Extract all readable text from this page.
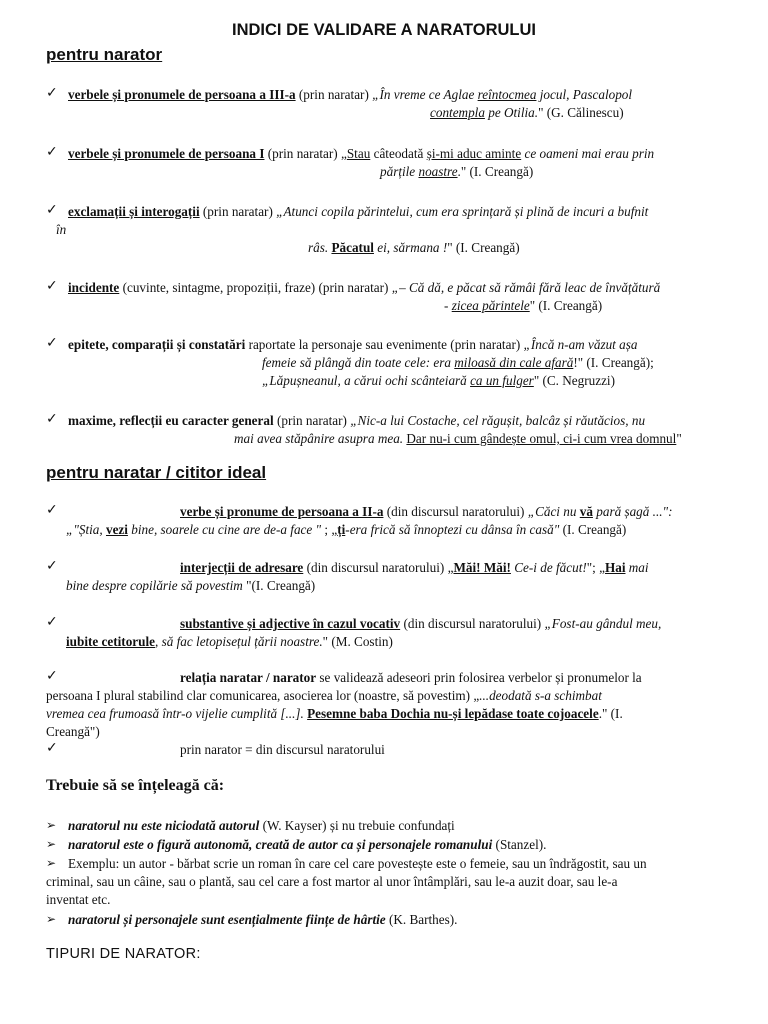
INDICI DE VALIDARE A NARATORULUI
pentru narator
✓ verbele și pronumele de persoana a III-a (prin naratar) „În vreme ce Aglae reîntocmea jocul, Pascalopol
contempla pe Otilia." (G. Călinescu)
✓ verbele și pronumele de persoana I (prin naratar) „Stau câteodată și-mi aduc aminte ce oameni mai erau prin
părțile noastre." (I. Creangă)
✓ exclamații și interogații (prin naratar) „Atunci copila părintelui, cum era sprințară și plină de incuri a bufnit
în
râs. Păcatul ei, sărmana !" (I. Creangă)
✓ incidente (cuvinte, sintagme, propoziții, fraze) (prin naratar) „– Că dă, e păcat să rămâi fără leac de învățătură
- zicea părintele" (I. Creangă)
✓ epitete, comparații și constatări raportate la personaje sau evenimente (prin naratar) „Încă n-am văzut așa
femeie să plângă din toate cele: era miloasă din cale afară!" (I. Creangă);
„Lăpușneanul, a cărui ochi scânteiară ca un fulger" (C. Negruzzi)
✓ maxime, reflecții eu caracter general (prin naratar) „Nic-a lui Costache, cel răgușit, balcâz și răutăcios, nu
mai avea stăpânire asupra mea. Dar nu-i cum gândește omul, ci-i cum vrea domnul"
pentru naratar / cititor ideal
✓	verbe și pronume de persoana a II-a (din discursul naratorului) „Căci nu vă pară șagă ...":
„"Știa, vezi bine, soarele cu cine are de-a face " ; „ți-era frică să înnoptezi cu dânsa în casă" (I. Creangă)
✓	interjecții de adresare (din discursul naratorului) „Măi! Măi! Ce-i de făcut!"; „Hai mai
bine despre copilărie să povestim "(I. Creangă)
✓	substantive și adjective în cazul vocativ (din discursul naratorului) „Fost-au gândul meu,
iubite cetitorule, să fac letopisețul țării noastre." (M. Costin)
✓	relația naratar / narator se validează adeseori prin folosirea verbelor și pronumelor la
persoana I plural stabilind clar comunicarea, asocierea lor (noastre, să povestim) „...deodată s-a schimbat
vremea cea frumoasă într-o vijelie cumplită [...]. Pesemne baba Dochia nu-și lepădase toate cojoacele." (I.
Creangă")
✓	prin narator = din discursul naratorului
Trebuie să se înțeleagă că:
➢ naratorul nu este niciodată autorul (W. Kayser) și nu trebuie confundați
➢ naratorul este o figură autonomă, creată de autor ca și personajele romanului (Stanzel).
➢ Exemplu: un autor - bărbat scrie un roman în care cel care povestește este o femeie, sau un îndrăgostit, sau un
criminal, sau un câine, sau o plantă, sau cel care a fost martor al unor întâmplări, sau le-a auzit doar, sau le-a
inventat etc.
➢ naratorul și personajele sunt esențialmente ființe de hârtie (K. Barthes).
TIPURI DE NARATOR:
